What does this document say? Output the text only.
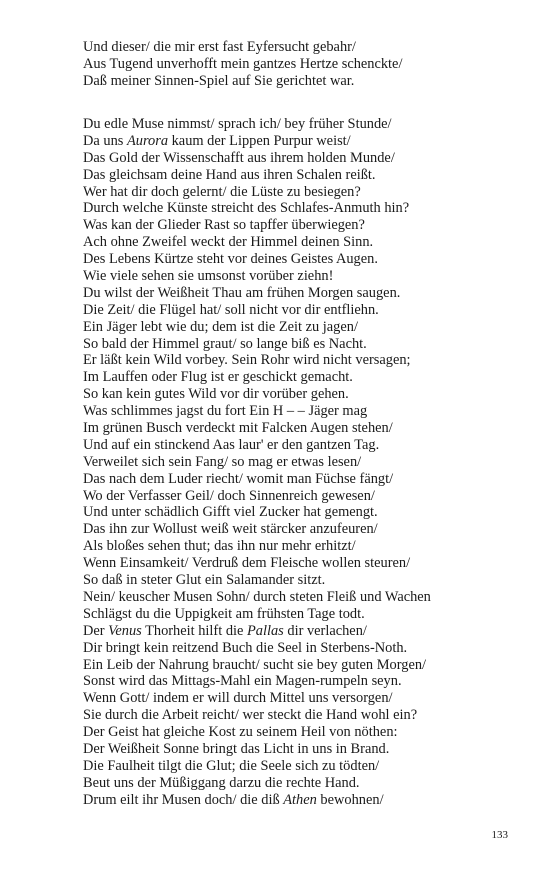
Und dieser/ die mir erst fast Eyfersucht gebahr/
Aus Tugend unverhofft mein gantzes Hertze schenckte/
Daß meiner Sinnen-Spiel auf Sie gerichtet war.
Du edle Muse nimmst/ sprach ich/ bey früher Stunde/
Da uns Aurora kaum der Lippen Purpur weist/
Das Gold der Wissenschafft aus ihrem holden Munde/
Das gleichsam deine Hand aus ihren Schalen reißt.
Wer hat dir doch gelernt/ die Lüste zu besiegen?
Durch welche Künste streicht des Schlafes-Anmuth hin?
Was kan der Glieder Rast so tapffer überwiegen?
Ach ohne Zweifel weckt der Himmel deinen Sinn.
Des Lebens Kürtze steht vor deines Geistes Augen.
Wie viele sehen sie umsonst vorüber ziehn!
Du wilst der Weißheit Thau am frühen Morgen saugen.
Die Zeit/ die Flügel hat/ soll nicht vor dir entfliehn.
Ein Jäger lebt wie du; dem ist die Zeit zu jagen/
So bald der Himmel graut/ so lange biß es Nacht.
Er läßt kein Wild vorbey. Sein Rohr wird nicht versagen;
Im Lauffen oder Flug ist er geschickt gemacht.
So kan kein gutes Wild vor dir vorüber gehen.
Was schlimmes jagst du fort Ein H – – Jäger mag
Im grünen Busch verdeckt mit Falcken Augen stehen/
Und auf ein stinckend Aas laur' er den gantzen Tag.
Verweilet sich sein Fang/ so mag er etwas lesen/
Das nach dem Luder riecht/ womit man Füchse fängt/
Wo der Verfasser Geil/ doch Sinnenreich gewesen/
Und unter schädlich Gifft viel Zucker hat gemengt.
Das ihn zur Wollust weiß weit stärcker anzufeuren/
Als bloßes sehen thut; das ihn nur mehr erhitzt/
Wenn Einsamkeit/ Verdruß dem Fleische wollen steuren/
So daß in steter Glut ein Salamander sitzt.
Nein/ keuscher Musen Sohn/ durch steten Fleiß und Wachen
Schlägst du die Uppigkeit am frühsten Tage todt.
Der Venus Thorheit hilft die Pallas dir verlachen/
Dir bringt kein reitzend Buch die Seel in Sterbens-Noth.
Ein Leib der Nahrung braucht/ sucht sie bey guten Morgen/
Sonst wird das Mittags-Mahl ein Magen-rumpeln seyn.
Wenn Gott/ indem er will durch Mittel uns versorgen/
Sie durch die Arbeit reicht/ wer steckt die Hand wohl ein?
Der Geist hat gleiche Kost zu seinem Heil von nöthen:
Der Weißheit Sonne bringt das Licht in uns in Brand.
Die Faulheit tilgt die Glut; die Seele sich zu tödten/
Beut uns der Müßiggang darzu die rechte Hand.
Drum eilt ihr Musen doch/ die diß Athen bewohnen/
133
